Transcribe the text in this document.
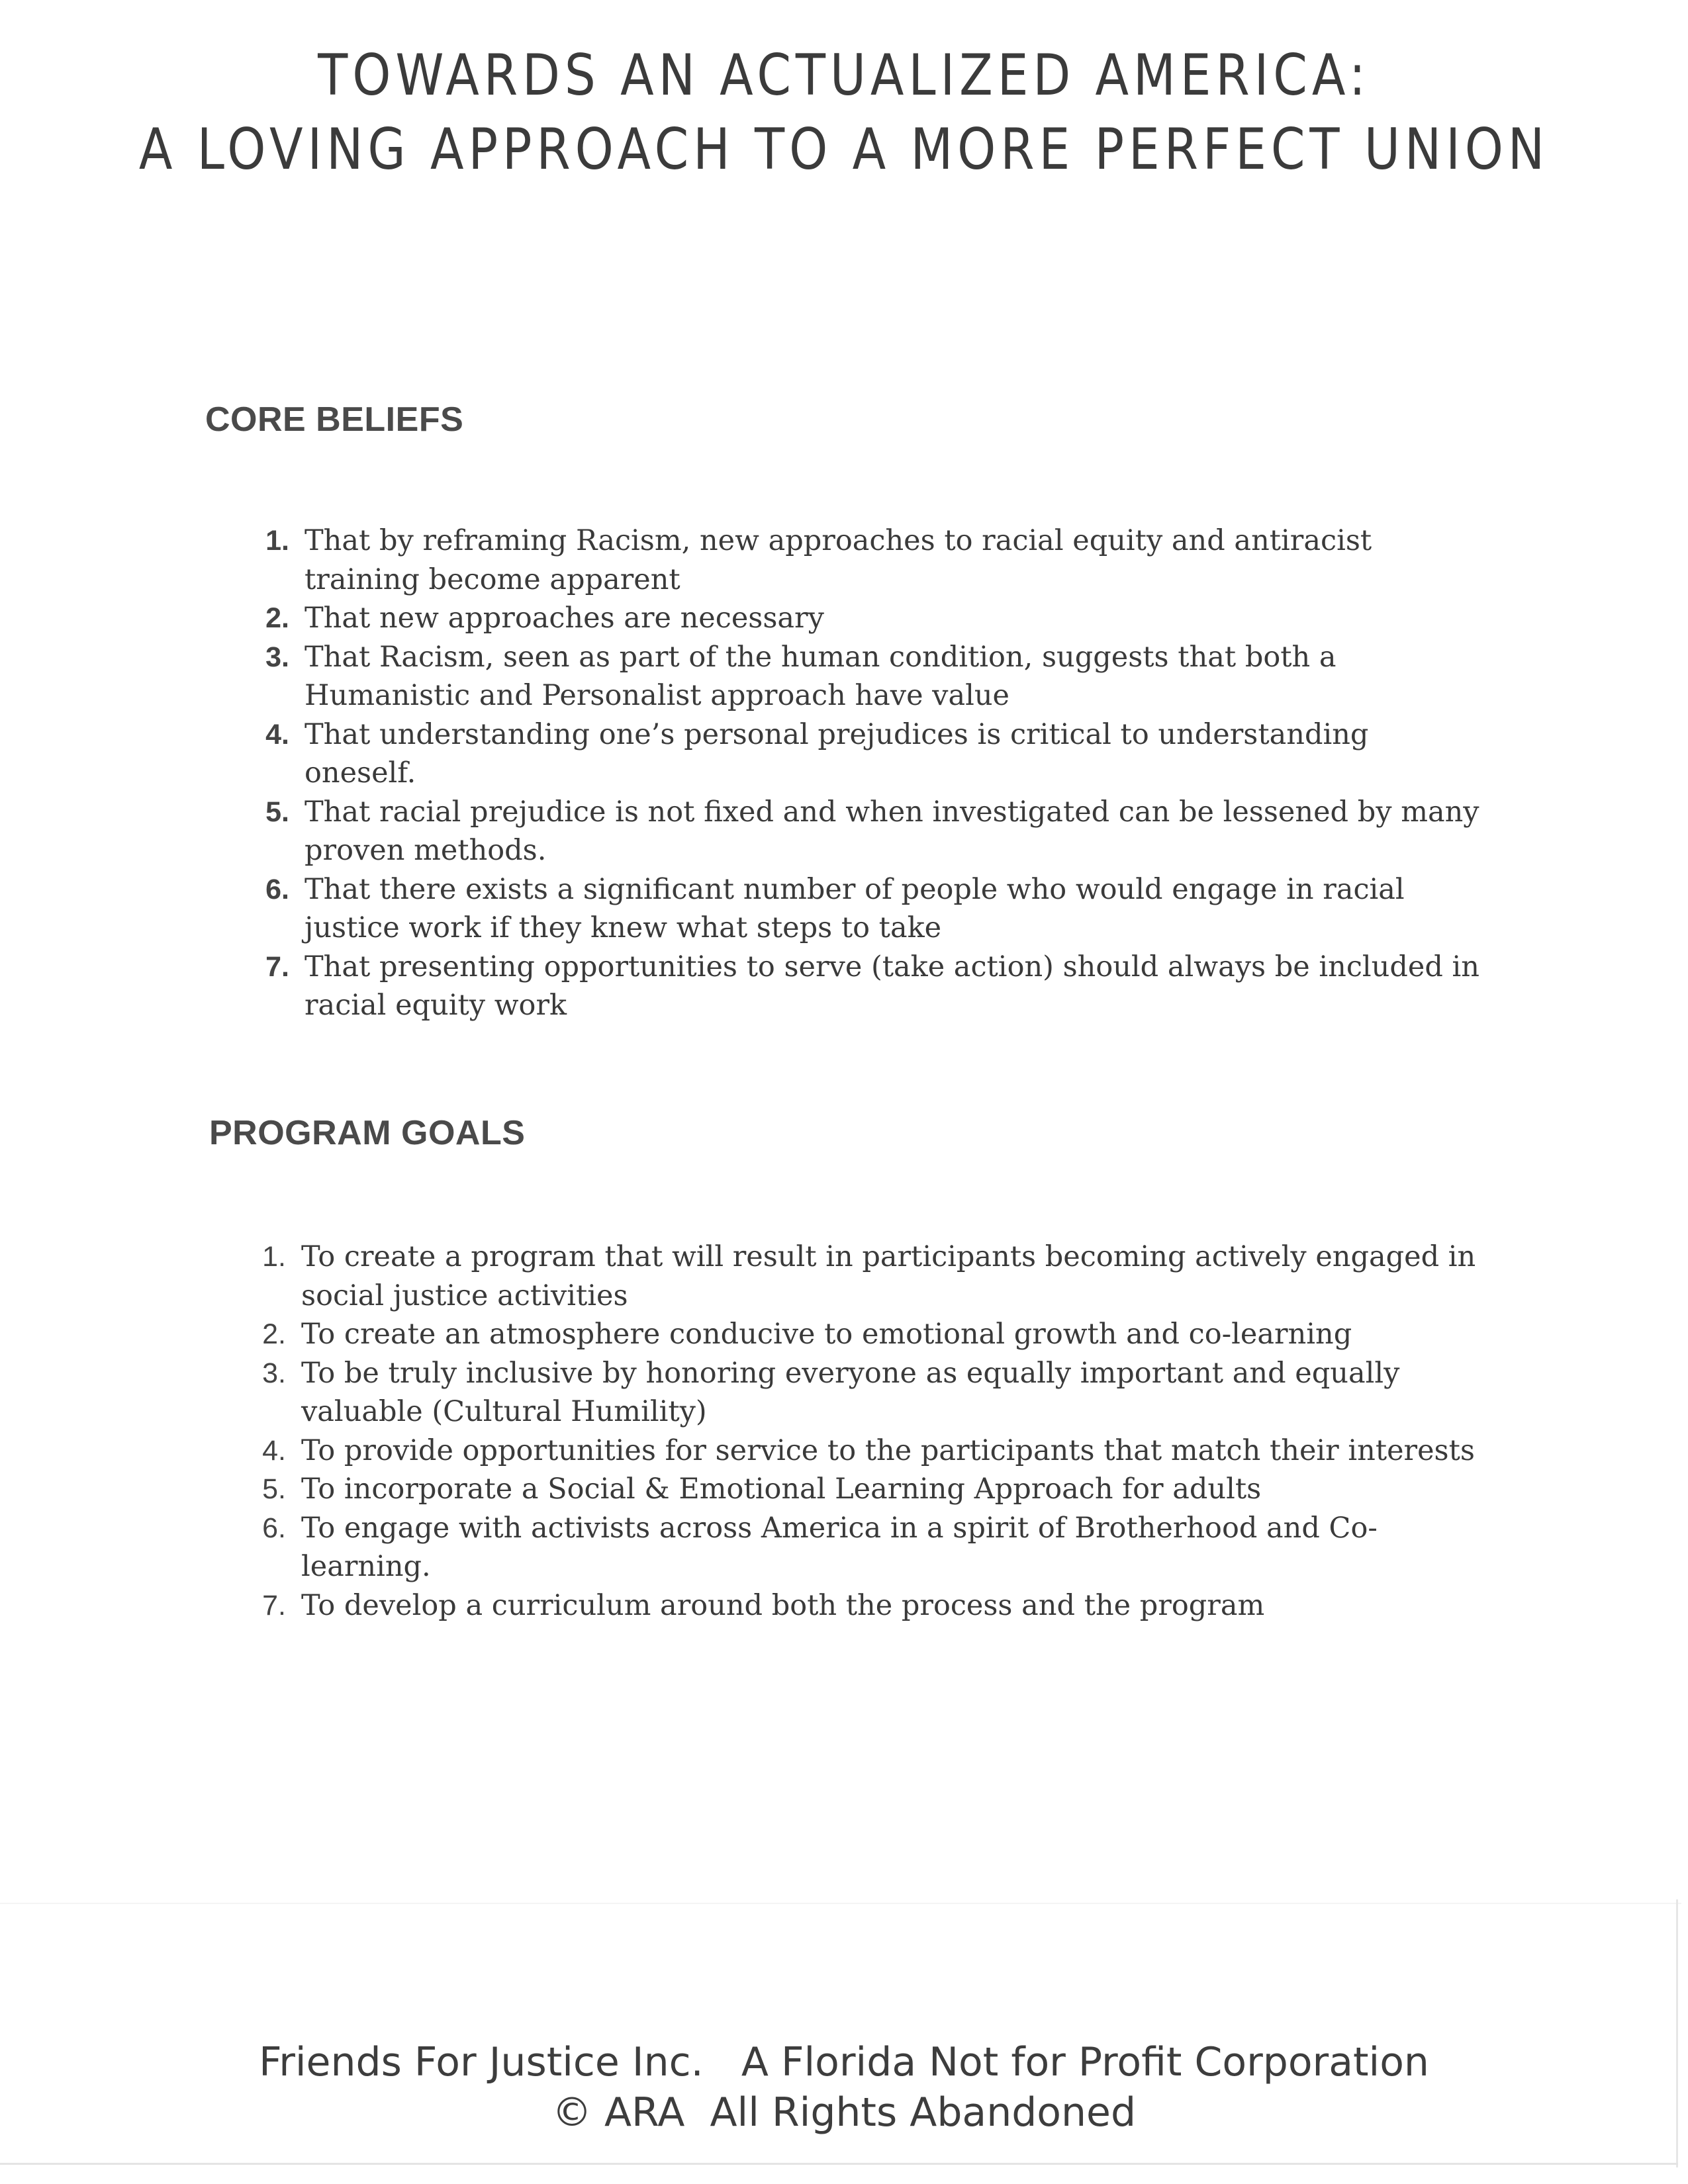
TOWARDS AN ACTUALIZED AMERICA:
A LOVING APPROACH TO A MORE PERFECT UNION
CORE BELIEFS
1. That by reframing Racism, new approaches to racial equity and antiracist training become apparent
2. That new approaches are necessary
3. That Racism, seen as part of the human condition, suggests that both a Humanistic and Personalist approach have value
4. That understanding one’s personal prejudices is critical to understanding oneself.
5. That racial prejudice is not fixed and when investigated can be lessened by many proven methods.
6. That there exists a significant number of people who would engage in racial justice work if they knew what steps to take
7. That presenting opportunities to serve (take action) should always be included in racial equity work
PROGRAM GOALS
1. To create a program that will result in participants becoming actively engaged in social justice activities
2. To create an atmosphere conducive to emotional growth and co-learning
3. To be truly inclusive by honoring everyone as equally important and equally valuable (Cultural Humility)
4. To provide opportunities for service to the participants that match their interests
5. To incorporate a Social & Emotional Learning Approach for adults
6. To engage with activists across America in a spirit of Brotherhood and Co-learning.
7. To develop a curriculum around both the process and the program
Friends For Justice Inc.   A Florida Not for Profit Corporation
© ARA  All Rights Abandoned
